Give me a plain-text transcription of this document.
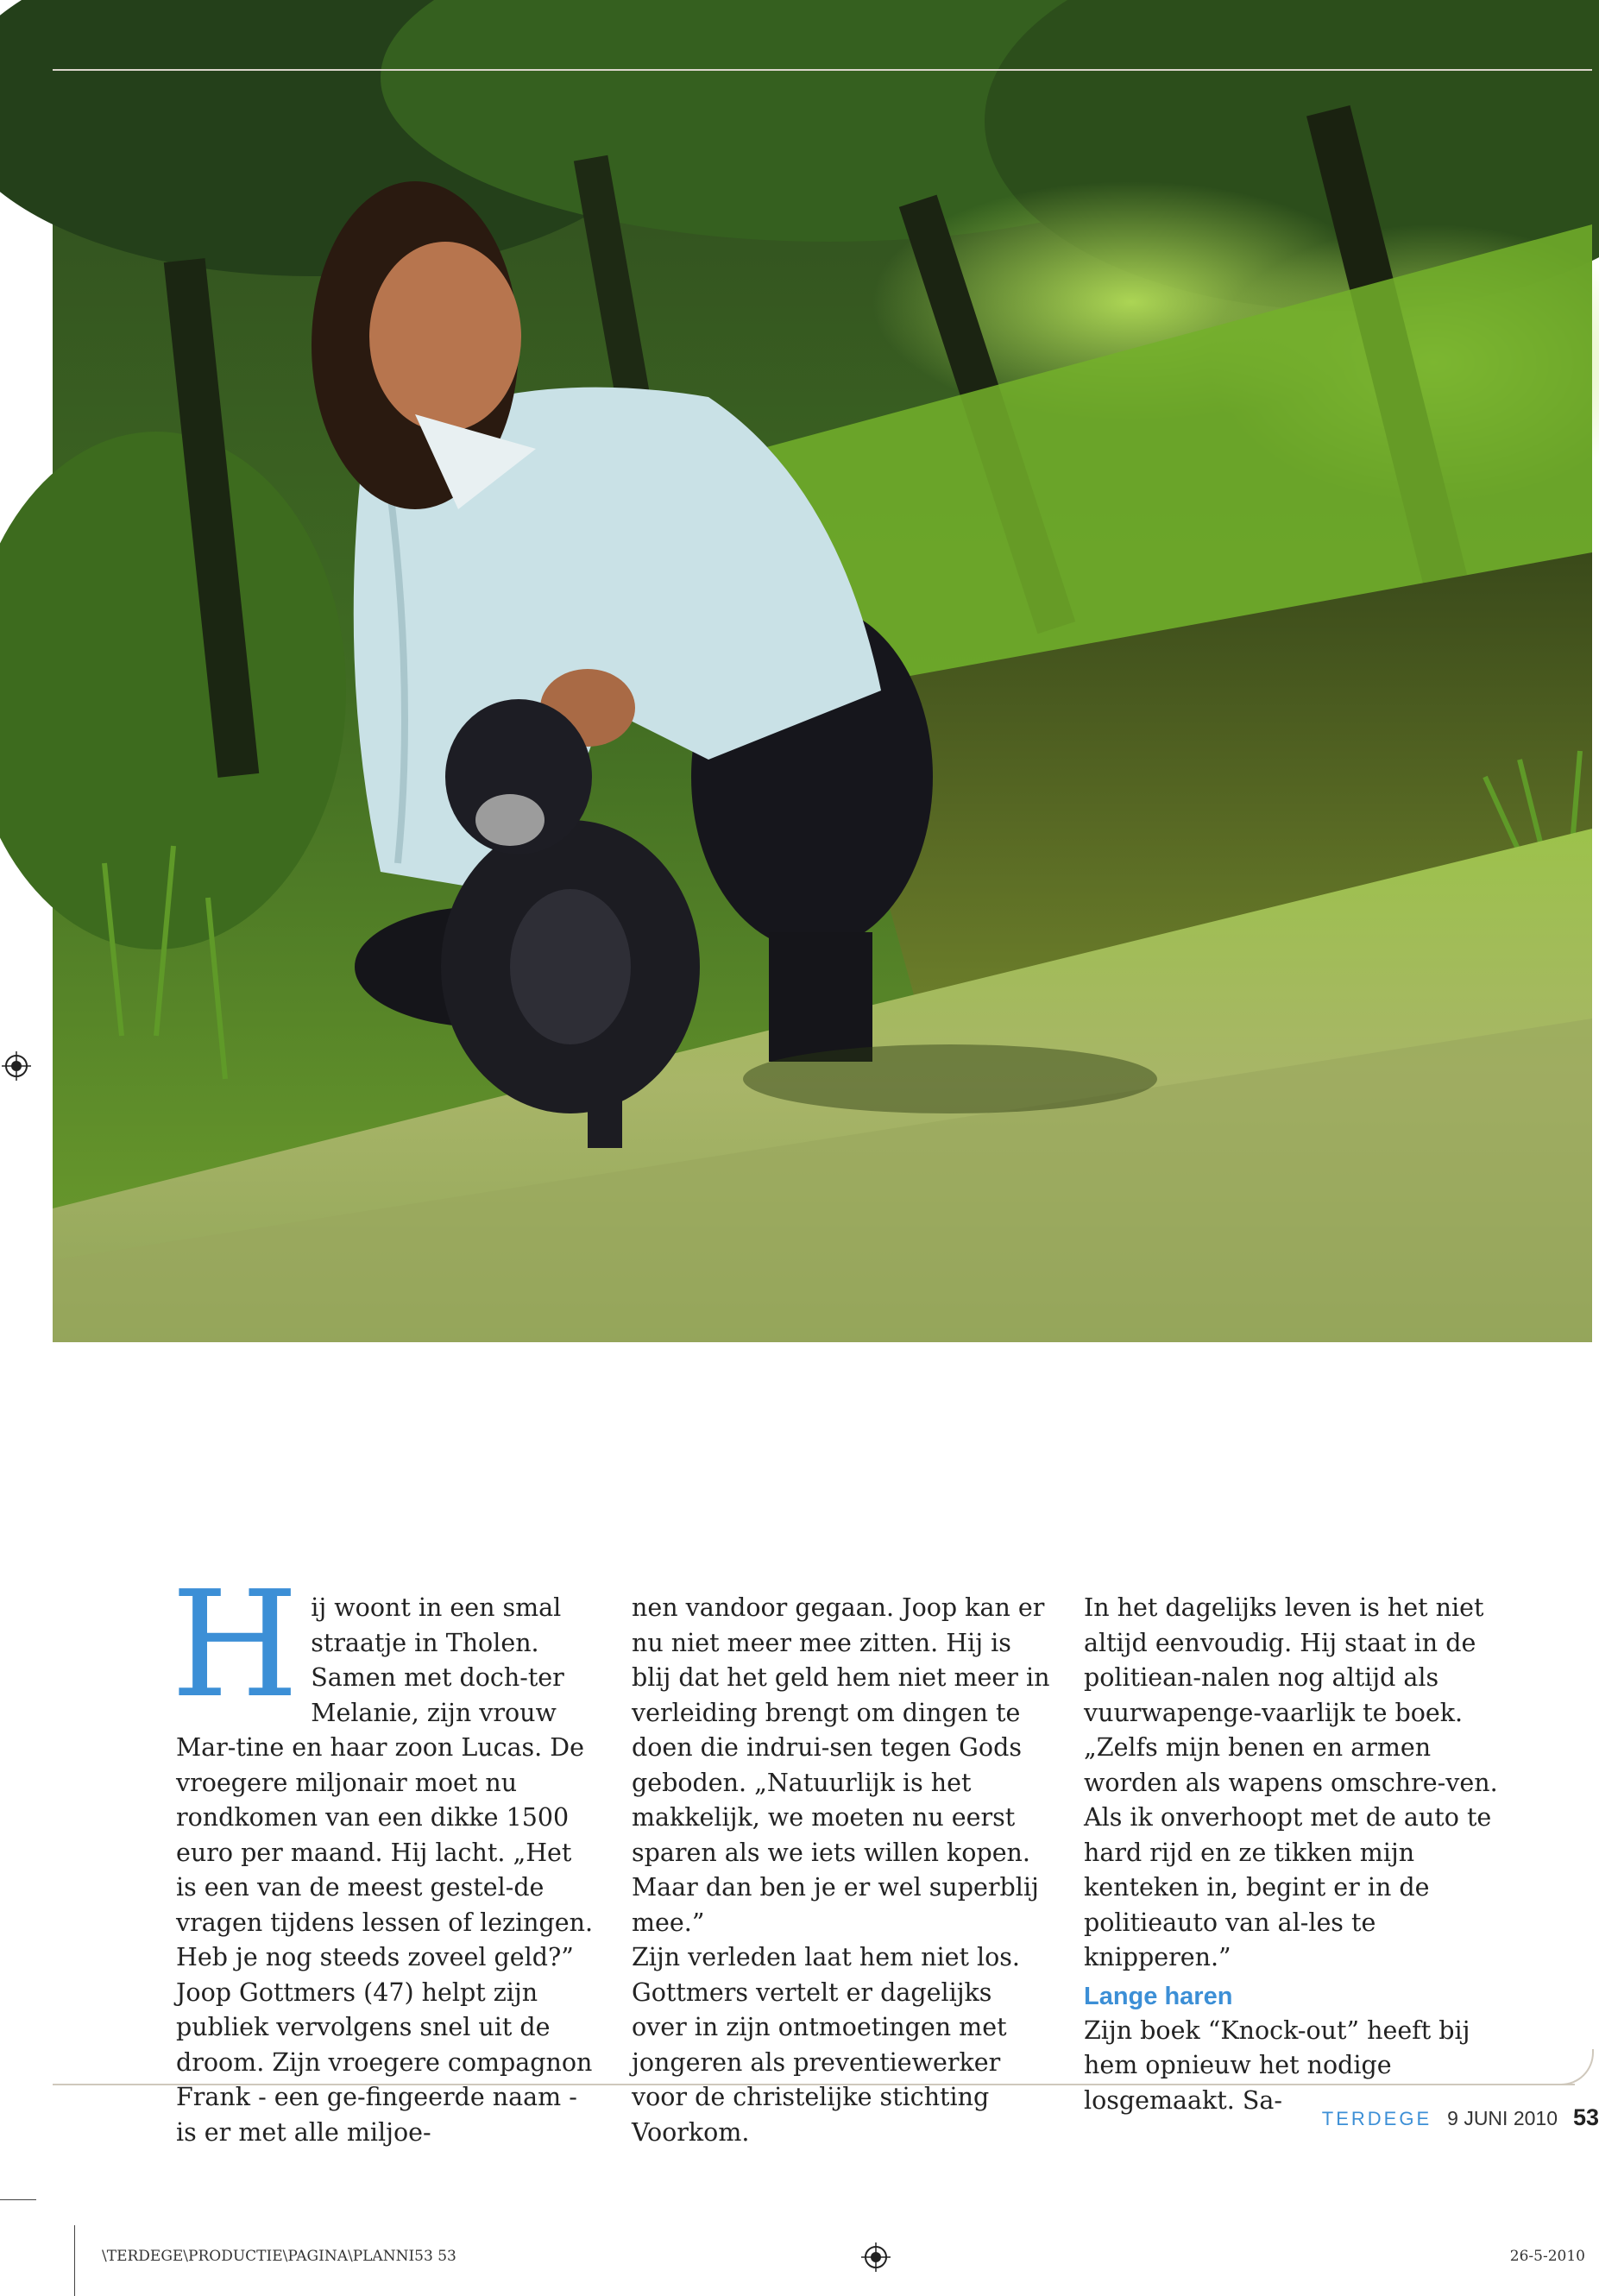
Hij woont in een smal straatje in Tholen. Samen met doch-ter Melanie, zijn vrouw Mar-tine en haar zoon Lucas. De vroegere miljonair moet nu rondkomen van een dikke 1500 euro per maand. Hij lacht. „Het is een van de meest gestel-de vragen tijdens lessen of lezingen. Heb je nog steeds zoveel geld?”

Joop Gottmers (47) helpt zijn publiek vervolgens snel uit de droom. Zijn vroegere compagnon Frank - een ge-fingeerde naam - is er met alle miljoe-

nen vandoor gegaan. Joop kan er nu niet meer mee zitten. Hij is blij dat het geld hem niet meer in verleiding brengt om dingen te doen die indrui-sen tegen Gods geboden. „Natuurlijk is het makkelijk, we moeten nu eerst sparen als we iets willen kopen. Maar dan ben je er wel superblij mee.”

Zijn verleden laat hem niet los. Gottmers vertelt er dagelijks over in zijn ontmoetingen met jongeren als preventiewerker voor de christelijke stichting Voorkom.

In het dagelijks leven is het niet altijd eenvoudig. Hij staat in de politiean-nalen nog altijd als vuurwapenge-vaarlijk te boek. „Zelfs mijn benen en armen worden als wapens omschre-ven. Als ik onverhoopt met de auto te hard rijd en ze tikken mijn kenteken in, begint er in de politieauto van al-les te knipperen.”

Lange haren

Zijn boek “Knock-out” heeft bij hem opnieuw het nodige losgemaakt. Sa-

TERDEGE 9 JUNI 2010 53
\TERDEGE\PRODUCTIE\PAGINA\PLANNI53 53	26-5-2010
